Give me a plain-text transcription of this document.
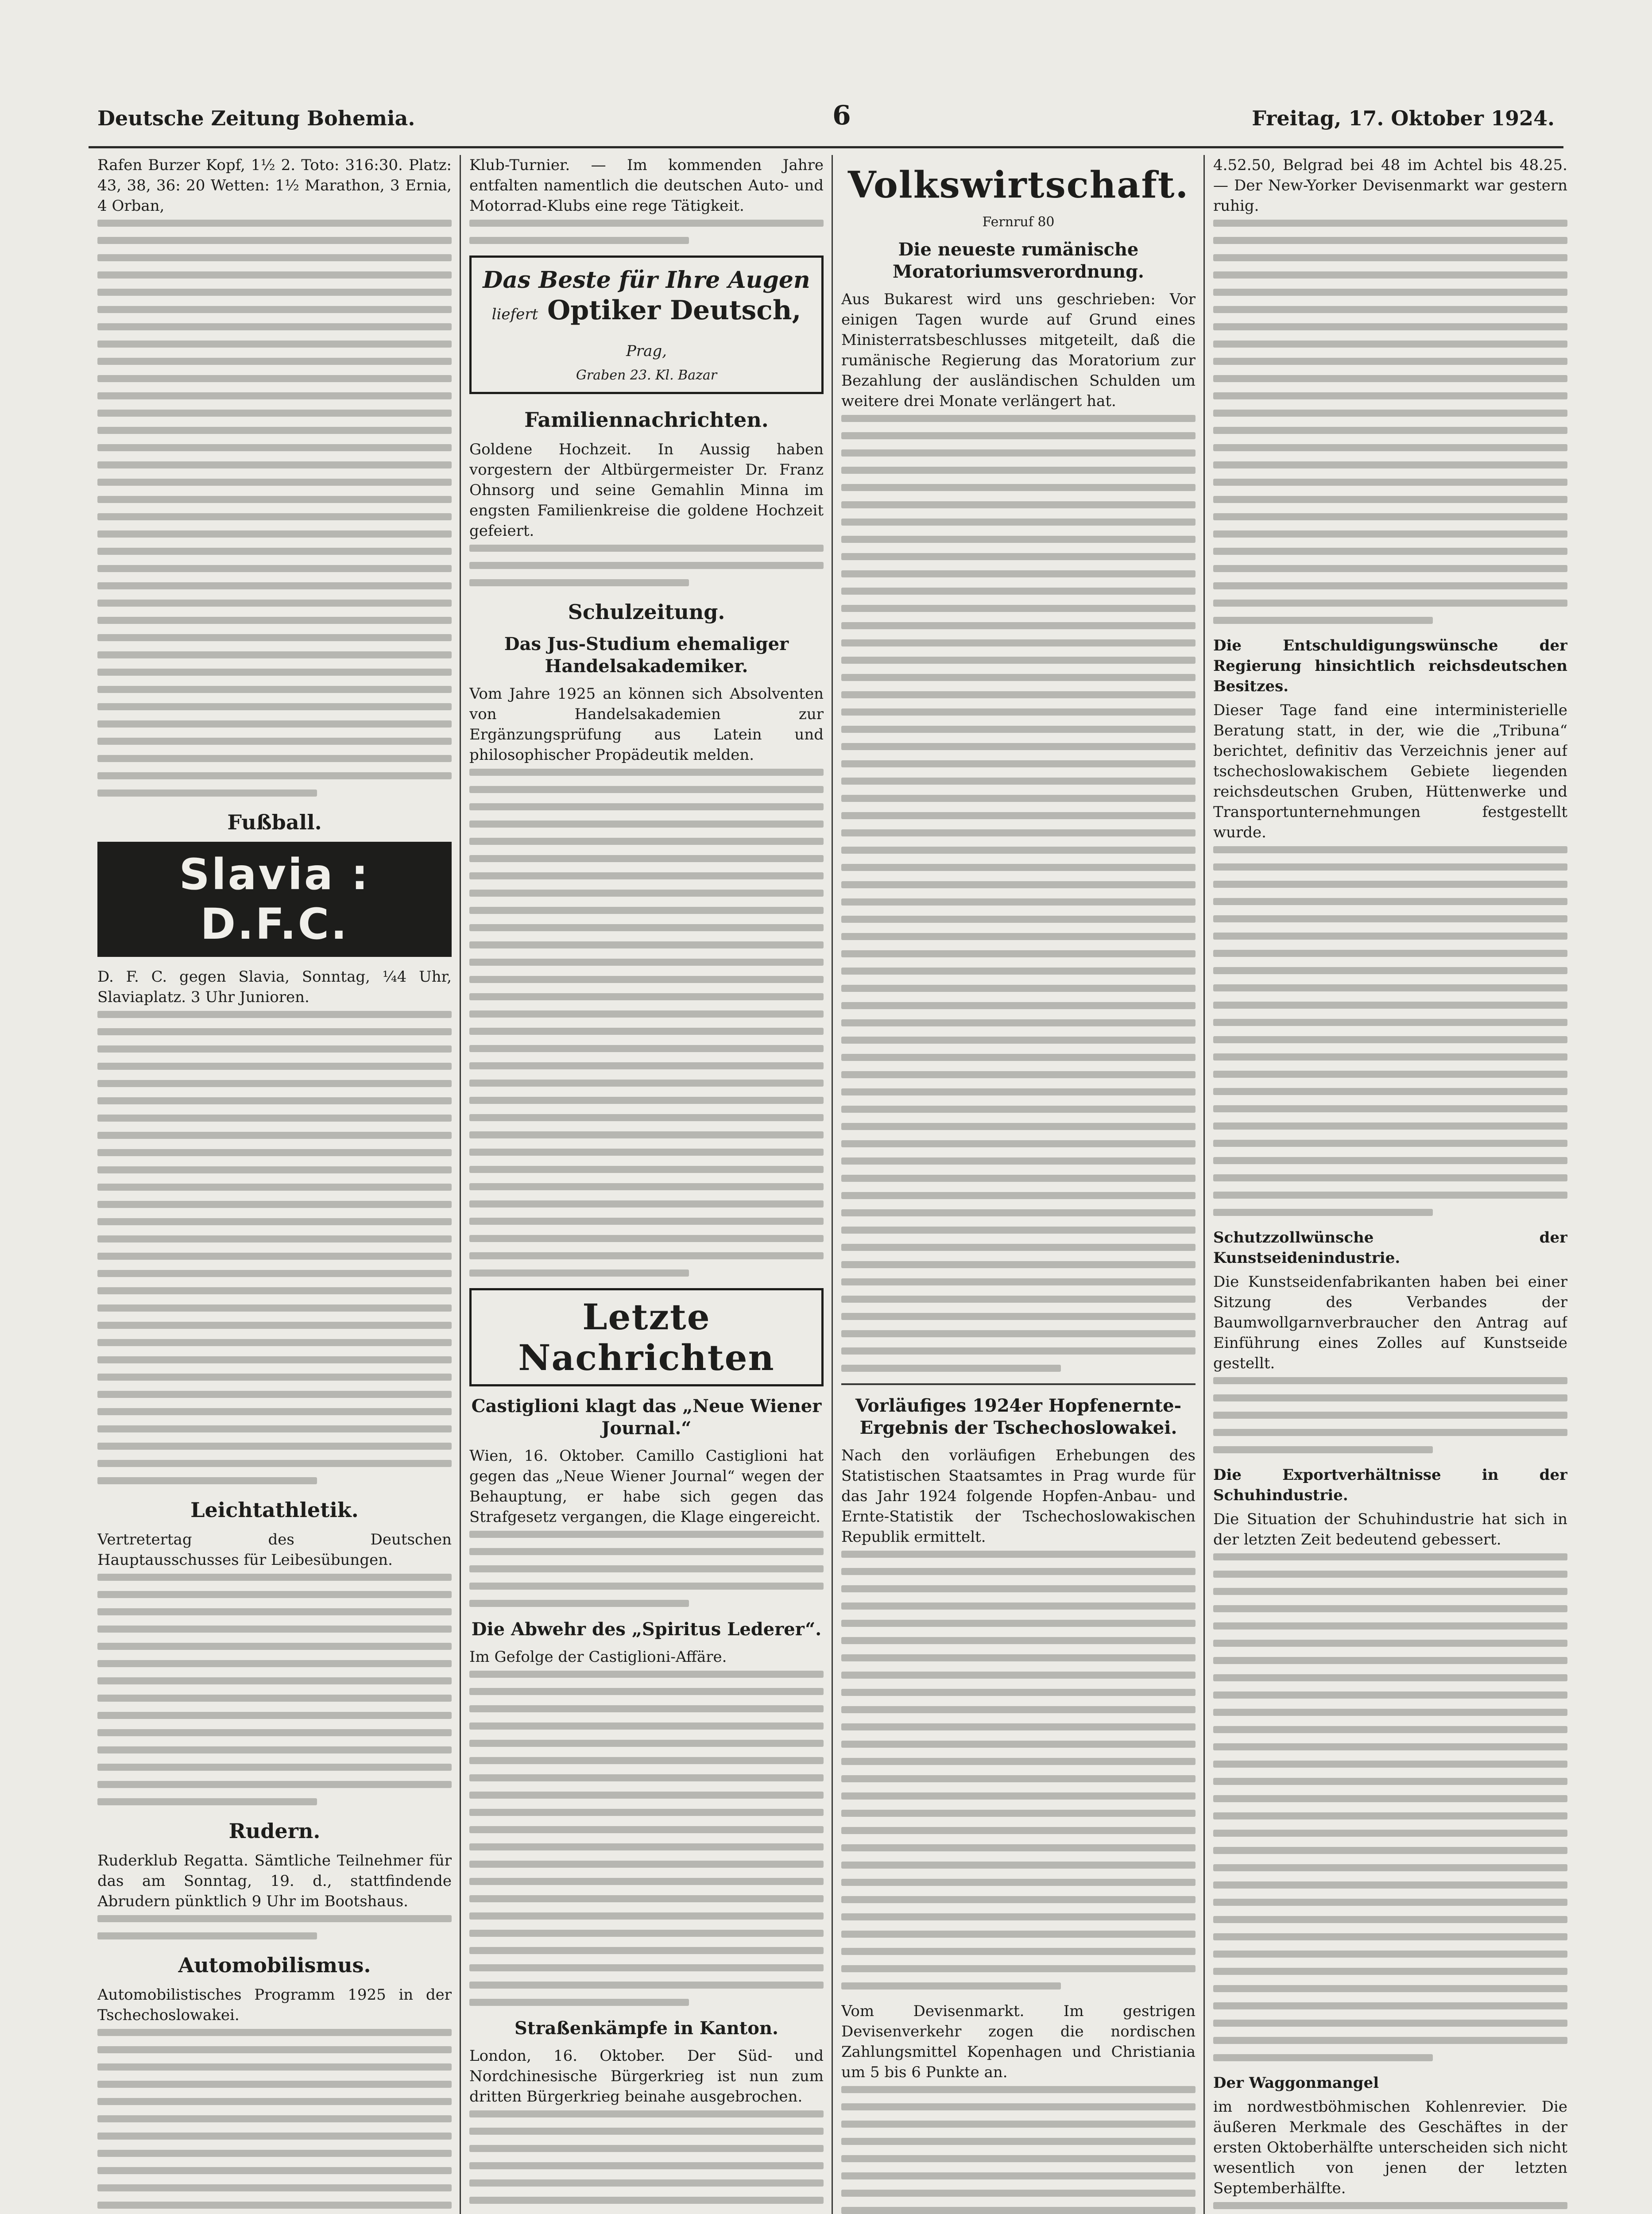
Deutsche Zeitung Bohemia.	6	Freitag, 17. Oktober 1924.

Rafen Burzer Kopf, 1½ 2. Toto: 316:30. Platz: 43, 38, 36: 20 Wetten: 1½ Marathon, 3 Ernia, 4 Orban,

Fußball.
Slavia : D.F.C.

D. F. C. gegen Slavia, Sonntag, ¼4 Uhr, Slaviaplatz. 3 Uhr Junioren.

Leichtathletik.

Vertretertag des Deutschen Hauptausschusses für Leibesübungen.

Rudern.

Ruderklub Regatta. Sämtliche Teilnehmer für das am Sonntag, 19. d., stattfindende Abrudern pünktlich 9 Uhr im Bootshaus.

Automobilismus.

Automobilistisches Programm 1925 in der Tschechoslowakei.

Klub-Turnier. — Im kommenden Jahre entfalten namentlich die deutschen Auto- und Motorrad-Klubs eine rege Tätigkeit.

Das Beste für Ihre Augen
liefert Optiker Deutsch, Prag,
Graben 23. Kl. Bazar
Familiennachrichten.

Goldene Hochzeit. In Aussig haben vorgestern der Altbürgermeister Dr. Franz Ohnsorg und seine Gemahlin Minna im engsten Familienkreise die goldene Hochzeit gefeiert.

Schulzeitung.
Das Jus-Studium ehemaliger Handelsakademiker.

Vom Jahre 1925 an können sich Absolventen von Handelsakademien zur Ergänzungsprüfung aus Latein und philosophischer Propädeutik melden.

Letzte Nachrichten
Castiglioni klagt das „Neue Wiener Journal.“

Wien, 16. Oktober. Camillo Castiglioni hat gegen das „Neue Wiener Journal“ wegen der Behauptung, er habe sich gegen das Strafgesetz vergangen, die Klage eingereicht.

Die Abwehr des „Spiritus Lederer“.

Im Gefolge der Castiglioni-Affäre.

Straßenkämpfe in Kanton.

London, 16. Oktober. Der Süd- und Nordchinesische Bürgerkrieg ist nun zum dritten Bürgerkrieg beinahe ausgebrochen.

Volkswirtschaft.
Fernruf 80
Die neueste rumänische Moratoriumsverordnung.

Aus Bukarest wird uns geschrieben: Vor einigen Tagen wurde auf Grund eines Ministerratsbeschlusses mitgeteilt, daß die rumänische Regierung das Moratorium zur Bezahlung der ausländischen Schulden um weitere drei Monate verlängert hat.

Vorläufiges 1924er Hopfenernte-Ergebnis der Tschechoslowakei.

Nach den vorläufigen Erhebungen des Statistischen Staatsamtes in Prag wurde für das Jahr 1924 folgende Hopfen-Anbau- und Ernte-Statistik der Tschechoslowakischen Republik ermittelt.

Vom Devisenmarkt. Im gestrigen Devisenverkehr zogen die nordischen Zahlungsmittel Kopenhagen und Christiania um 5 bis 6 Punkte an.

4.52.50, Belgrad bei 48 im Achtel bis 48.25. — Der New-Yorker Devisenmarkt war gestern ruhig.

Die Entschuldigungswünsche der Regierung hinsichtlich reichsdeutschen Besitzes.

Dieser Tage fand eine interministerielle Beratung statt, in der, wie die „Tribuna“ berichtet, definitiv das Verzeichnis jener auf tschechoslowakischem Gebiete liegenden reichsdeutschen Gruben, Hüttenwerke und Transportunternehmungen festgestellt wurde.

Schutzzollwünsche der Kunstseidenindustrie.

Die Kunstseidenfabrikanten haben bei einer Sitzung des Verbandes der Baumwollgarnverbraucher den Antrag auf Einführung eines Zolles auf Kunstseide gestellt.

Die Exportverhältnisse in der Schuhindustrie.

Die Situation der Schuhindustrie hat sich in der letzten Zeit bedeutend gebessert.

Der Waggonmangel

im nordwestböhmischen Kohlenrevier. Die äußeren Merkmale des Geschäftes in der ersten Oktoberhälfte unterscheiden sich nicht wesentlich von jenen der letzten Septemberhälfte.
